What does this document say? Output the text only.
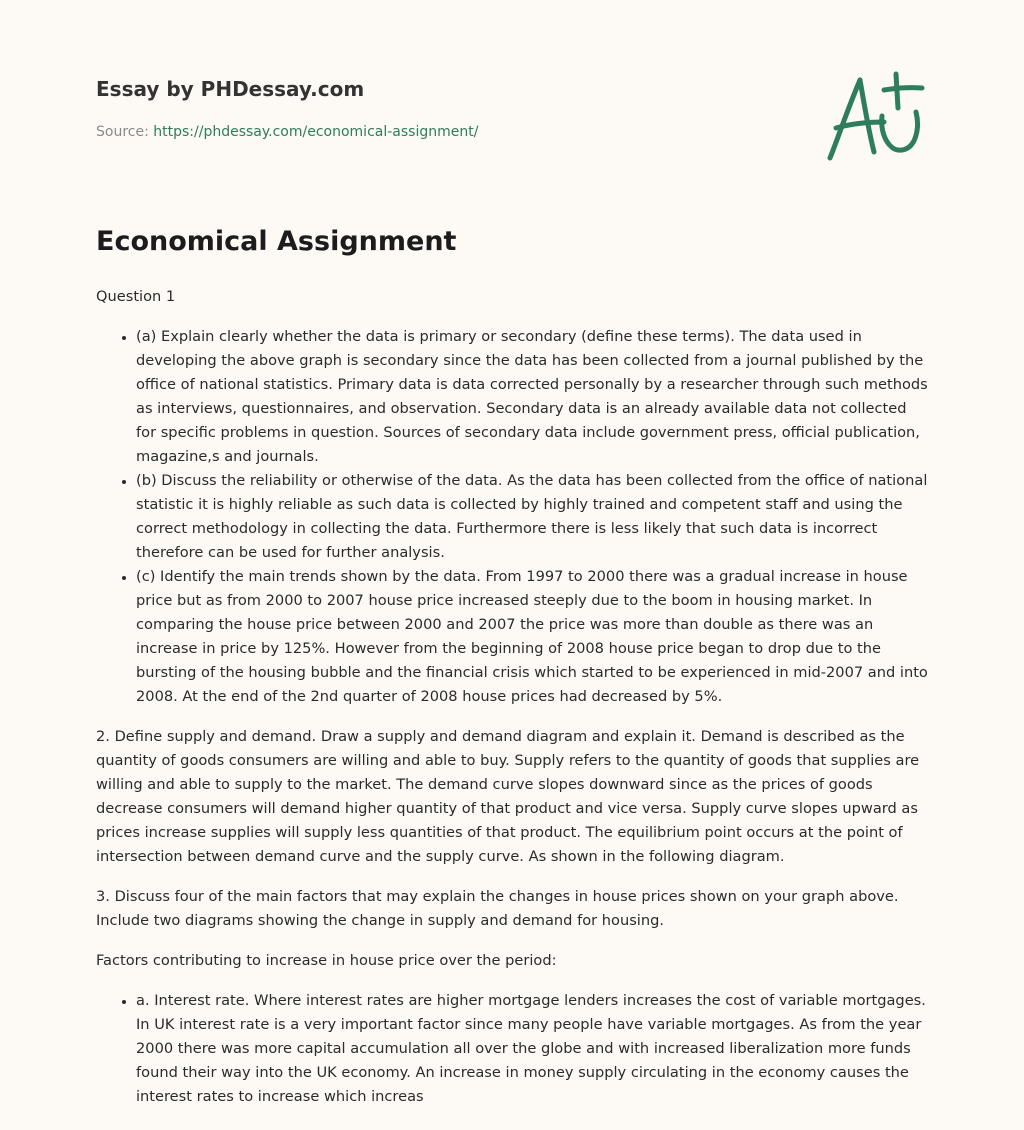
Essay by PHDessay.com

Source: https://phdessay.com/economical-assignment/

Economical Assignment

Question 1

• (a) Explain clearly whether the data is primary or secondary (define these terms). The data used in developing the above graph is secondary since the data has been collected from a journal published by the office of national statistics. Primary data is data corrected personally by a researcher through such methods as interviews, questionnaires, and observation. Secondary data is an already available data not collected for specific problems in question. Sources of secondary data include government press, official publication, magazine,s and journals.
• (b) Discuss the reliability or otherwise of the data. As the data has been collected from the office of national statistic it is highly reliable as such data is collected by highly trained and competent staff and using the correct methodology in collecting the data. Furthermore there is less likely that such data is incorrect therefore can be used for further analysis.
• (c) Identify the main trends shown by the data. From 1997 to 2000 there was a gradual increase in house price but as from 2000 to 2007 house price increased steeply due to the boom in housing market. In comparing the house price between 2000 and 2007 the price was more than double as there was an increase in price by 125%. However from the beginning of 2008 house price began to drop due to the bursting of the housing bubble and the financial crisis which started to be experienced in mid-2007 and into 2008. At the end of the 2nd quarter of 2008 house prices had decreased by 5%.

2. Define supply and demand. Draw a supply and demand diagram and explain it. Demand is described as the quantity of goods consumers are willing and able to buy. Supply refers to the quantity of goods that supplies are willing and able to supply to the market. The demand curve slopes downward since as the prices of goods decrease consumers will demand higher quantity of that product and vice versa. Supply curve slopes upward as prices increase supplies will supply less quantities of that product. The equilibrium point occurs at the point of intersection between demand curve and the supply curve. As shown in the following diagram.

3. Discuss four of the main factors that may explain the changes in house prices shown on your graph above. Include two diagrams showing the change in supply and demand for housing.

Factors contributing to increase in house price over the period:

• a. Interest rate. Where interest rates are higher mortgage lenders increases the cost of variable mortgages. In UK interest rate is a very important factor since many people have variable mortgages. As from the year 2000 there was more capital accumulation all over the globe and with increased liberalization more funds found their way into the UK economy. An increase in money supply circulating in the economy causes the interest rates to increase which increas
